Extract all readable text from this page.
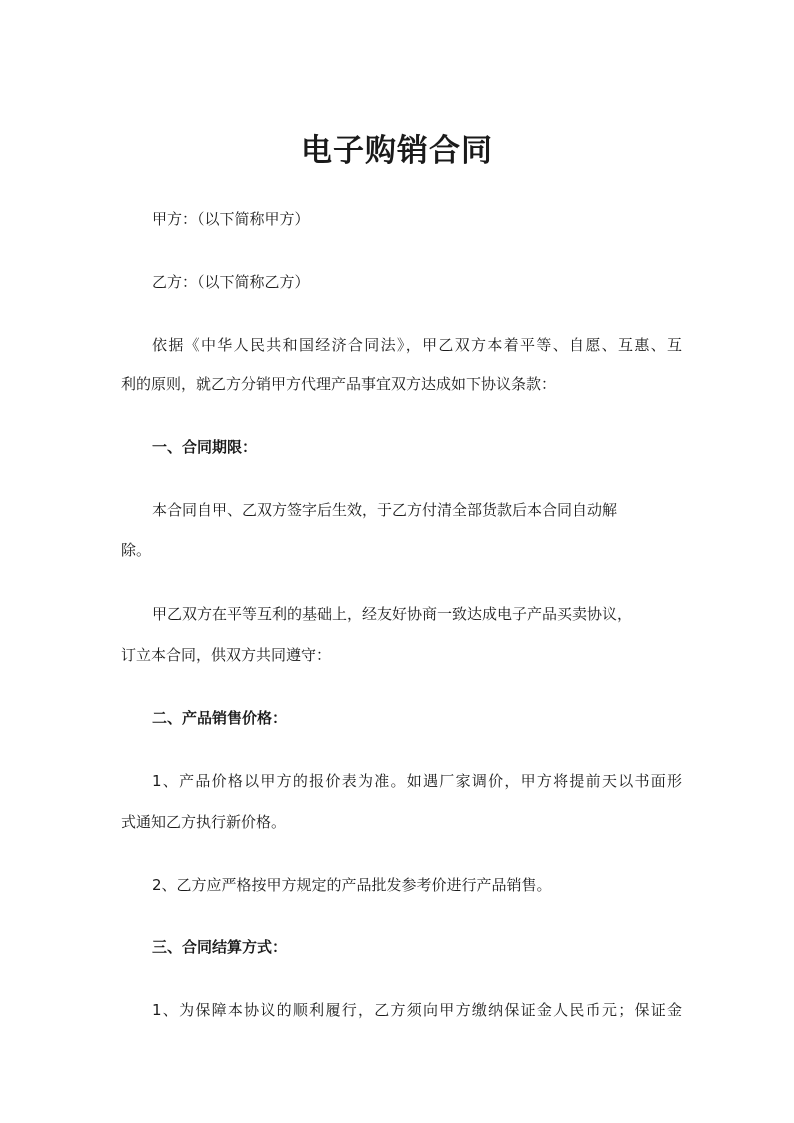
电子购销合同

甲方：（以下简称甲方）

乙方：（以下简称乙方）

依据《中华人民共和国经济合同法》，甲乙双方本着平等、自愿、互惠、互

利的原则，就乙方分销甲方代理产品事宜双方达成如下协议条款：

一、合同期限：

本合同自甲、乙双方签字后生效，于乙方付清全部货款后本合同自动解

除。

甲乙双方在平等互利的基础上，经友好协商一致达成电子产品买卖协议，

订立本合同，供双方共同遵守：

二、产品销售价格：

1、产品价格以甲方的报价表为准。如遇厂家调价，甲方将提前天以书面形

式通知乙方执行新价格。

2、乙方应严格按甲方规定的产品批发参考价进行产品销售。

三、合同结算方式：

1、为保障本协议的顺利履行，乙方须向甲方缴纳保证金人民币元；保证金
